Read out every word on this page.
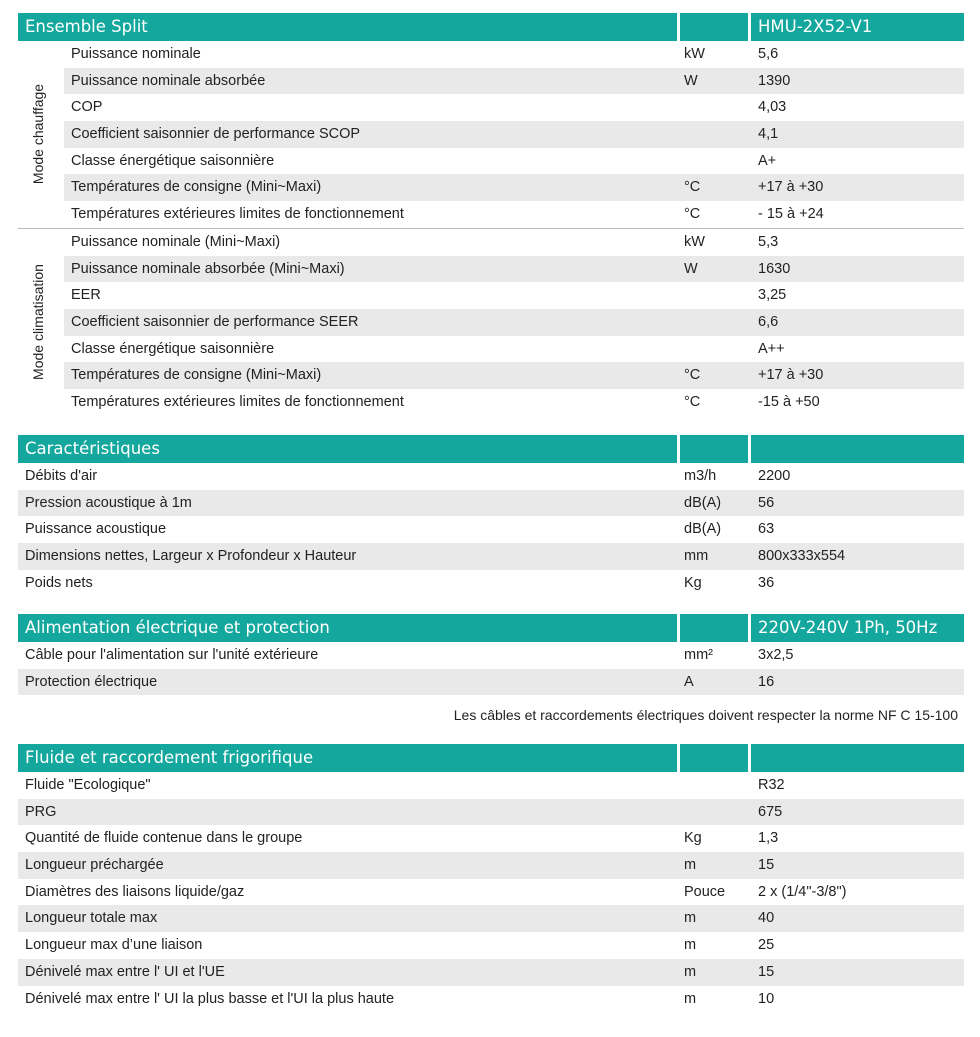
Ensemble Split	HMU-2X52-V1
Mode chauffage
Puissance nominale	kW	5,6
Puissance nominale absorbée	W	1390
COP	4,03
Coefficient saisonnier de performance SCOP	4,1
Classe énergétique saisonnière	A+
Températures de consigne (Mini~Maxi)	°C	+17 à +30
Températures extérieures limites de fonctionnement	°C	- 15 à +24
Mode climatisation
Puissance nominale (Mini~Maxi)	kW	5,3
Puissance nominale absorbée (Mini~Maxi)	W	1630
EER	3,25
Coefficient saisonnier de performance SEER	6,6
Classe énergétique saisonnière	A++
Températures de consigne (Mini~Maxi)	°C	+17 à +30
Températures extérieures limites de fonctionnement	°C	-15 à +50
Caractéristiques
Débits d'air	m3/h	2200
Pression acoustique à 1m	dB(A)	56
Puissance acoustique	dB(A)	63
Dimensions nettes, Largeur x Profondeur x Hauteur	mm	800x333x554
Poids nets	Kg	36
Alimentation électrique et protection	220V-240V 1Ph, 50Hz
Câble pour l'alimentation sur l'unité extérieure	mm²	3x2,5
Protection électrique	A	16
Les câbles et raccordements électriques doivent respecter la norme NF C 15-100
Fluide et raccordement frigorifique
Fluide "Ecologique"	R32
PRG	675
Quantité de fluide contenue dans le groupe	Kg	1,3
Longueur préchargée	m	15
Diamètres des liaisons liquide/gaz	Pouce	2 x (1/4"-3/8")
Longueur totale max	m	40
Longueur max d’une liaison	m	25
Dénivelé max entre l' UI et l'UE	m	15
Dénivelé max entre l' UI la plus basse et l'UI la plus haute	m	10
